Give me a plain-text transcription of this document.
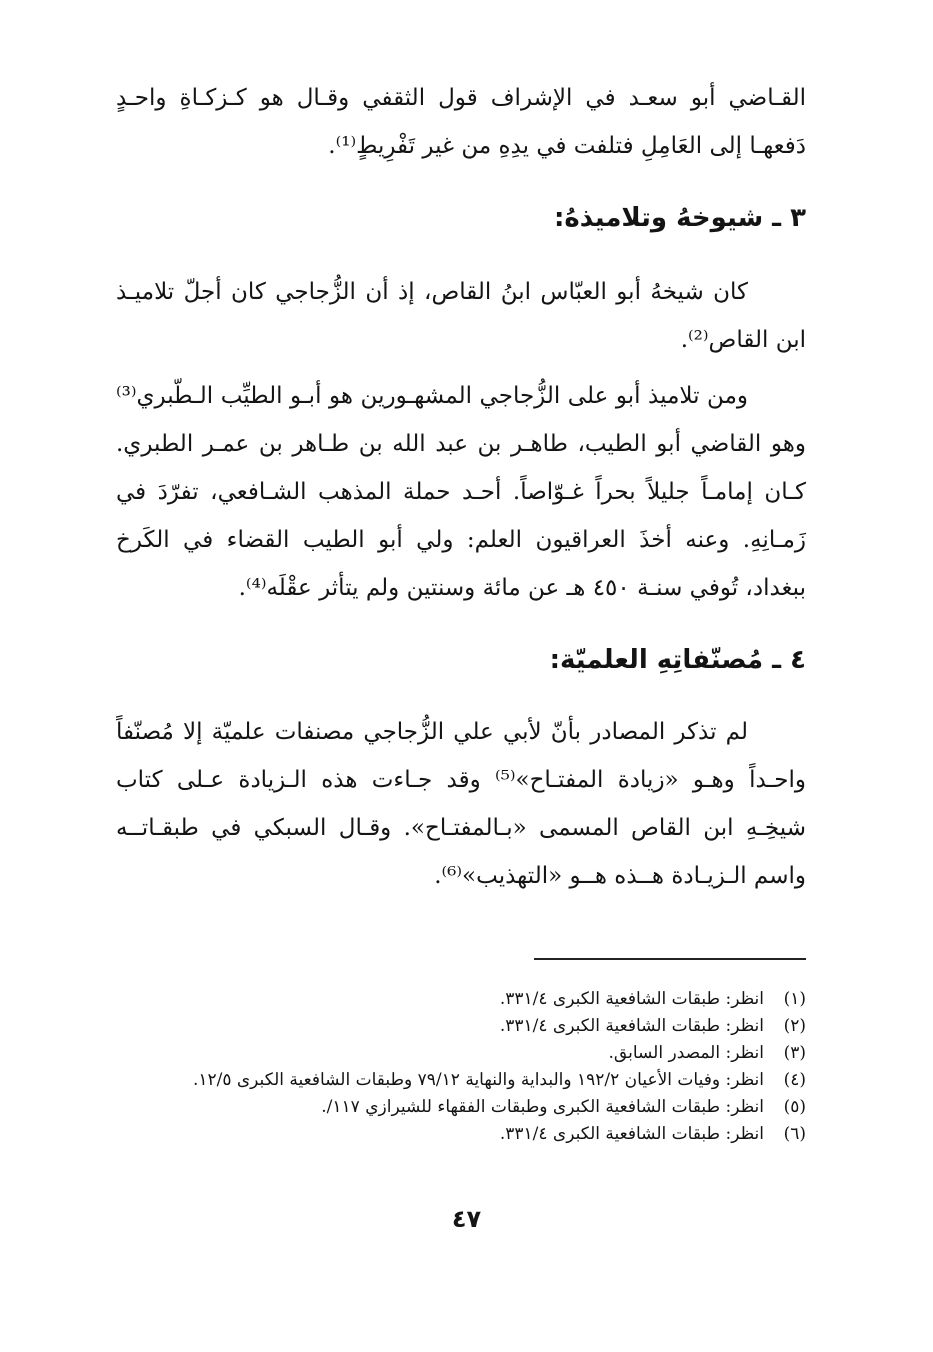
القـاضي أبو سعـد في الإشراف قول الثقفي وقـال هو كـزكـاةِ واحـدٍ دَفعهـا إلى العَامِلِ فتلفت في يدِهِ من غير تَفْرِيطٍ⁽¹⁾.

٣ ـ شيوخهُ وتلاميذهُ:

كان شيخهُ أبو العبّاس ابنُ القاص، إذ أن الزُّجاجي كان أجلّ تلاميـذ ابن القاص⁽²⁾.

ومن تلاميذ أبو على الزُّجاجي المشهـورين هو أبـو الطيِّب الـطّبري⁽³⁾ وهو القاضي أبو الطيب، طاهـر بن عبد الله بن طـاهر بن عمـر الطبري. كـان إمامـاً جليلاً بحراً غـوّاصاً. أحـد حملة المذهب الشـافعي، تفرّدَ في زَمـانِهِ. وعنه أخذَ العراقيون العلم: ولي أبو الطيب القضاء في الكَرخ ببغداد، تُوفي سنـة ٤٥٠ هـ عن مائة وسنتين ولم يتأثر عقْلَه⁽⁴⁾.

٤ ـ مُصنّفاتِهِ العلميّة:

لم تذكر المصادر بأنّ لأبي علي الزُّجاجي مصنفات علميّة إلا مُصنّفاً واحـداً وهـو «زيادة المفتـاح»⁽⁵⁾ وقد جـاءت هذه الـزيادة عـلى كتاب شيخِـهِ ابن القاص المسمى «بـالمفتـاح». وقـال السبكي في طبقـاتــه واسم الـزيـادة هــذه هــو «التهذيب»⁽⁶⁾.

(١)
انظر: طبقات الشافعية الكبرى ٣٣١/٤.
(٢)
انظر: طبقات الشافعية الكبرى ٣٣١/٤.
(٣)
انظر: المصدر السابق.
(٤)
انظر: وفيات الأعيان ١٩٢/٢ والبداية والنهاية ٧٩/١٢ وطبقات الشافعية الكبرى ١٢/٥.
(٥)
انظر: طبقات الشافعية الكبرى وطبقات الفقهاء للشيرازي ١١٧/.
(٦)
انظر: طبقات الشافعية الكبرى ٣٣١/٤.
٤٧
